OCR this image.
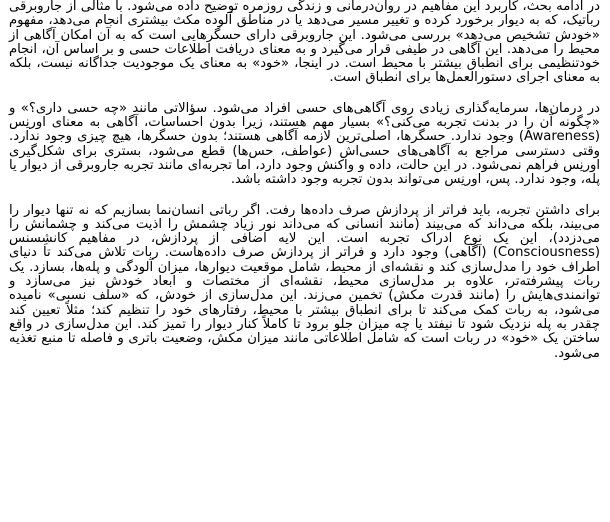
در ادامه بحث، کاربرد این مفاهیم در روان‌درمانی و زندگی روزمره توضیح داده می‌شود. با مثالی از جاروبرقی رباتیک، که به دیوار برخورد کرده و تغییر مسیر می‌دهد یا در مناطق آلوده مکث بیشتری انجام می‌دهد، مفهوم «خودش تشخیص می‌دهد» بررسی می‌شود. این جاروبرقی دارای حسگرهایی است که به آن امکان آگاهی از محیط را می‌دهد. این آگاهی در طیفی قرار می‌گیرد و به معنای دریافت اطلاعات حسی و بر اساس آن، انجام خودتنظیمی برای انطباق بیشتر با محیط است. در اینجا، «خود» به معنای یک موجودیت جداگانه نیست، بلکه به معنای اجرای دستورالعمل‌ها برای انطباق است.

در درمان‌ها، سرمایه‌گذاری زیادی روی آگاهی‌های حسی افراد می‌شود. سؤالاتی مانند «چه حسی داری؟» و «چگونه آن را در بدنت تجربه می‌کنی؟» بسیار مهم هستند، زیرا بدون احساسات، آگاهی به معنای اورنِس (Awareness) وجود ندارد. حسگرها، اصلی‌ترین لازمه آگاهی هستند؛ بدون حسگرها، هیچ چیزی وجود ندارد. وقتی دسترسی مراجع به آگاهی‌های حسی‌اش (عواطف، حس‌ها) قطع می‌شود، بستری برای شکل‌گیری اورنِس فراهم نمی‌شود. در این حالت، داده و واکنش وجود دارد، اما تجربه‌ای مانند تجربه جاروبرقی از دیوار یا پله، وجود ندارد. پس، اورنِس می‌تواند بدون تجربه وجود داشته باشد.

برای داشتن تجربه، باید فراتر از پردازش صرف داده‌ها رفت. اگر رباتی انسان‌نما بسازیم که نه تنها دیوار را می‌بیند، بلکه می‌داند که می‌بیند (مانند انسانی که می‌داند نور زیاد چشمش را اذیت می‌کند و چشمانش را می‌دزدد)، این یک نوع ادراک تجربه است. این لایه اضافی از پردازش، در مفاهیم کانشِسنس (Consciousness) (آگاهی) وجود دارد و فراتر از پردازش صرف داده‌هاست. ربات تلاش می‌کند تا دنیای اطراف خود را مدل‌سازی کند و نقشه‌ای از محیط، شامل موقعیت دیوارها، میزان آلودگی و پله‌ها، بسازد. یک ربات پیشرفته‌تر، علاوه بر مدل‌سازی محیط، نقشه‌ای از مختصات و ابعاد خودش نیز می‌سازد و توانمندی‌هایش را (مانند قدرت مکش) تخمین می‌زند. این مدل‌سازی از خودش، که «سلف نسبی» نامیده می‌شود، به ربات کمک می‌کند تا برای انطباق بیشتر با محیط، رفتارهای خود را تنظیم کند؛ مثلاً تعیین کند چقدر به پله نزدیک شود تا نیفتد یا چه میزان جلو برود تا کاملاً کنار دیوار را تمیز کند. این مدل‌سازی در واقع ساختن یک «خود» در ربات است که شامل اطلاعاتی مانند میزان مکش، وضعیت باتری و فاصله تا منبع تغذیه می‌شود.
